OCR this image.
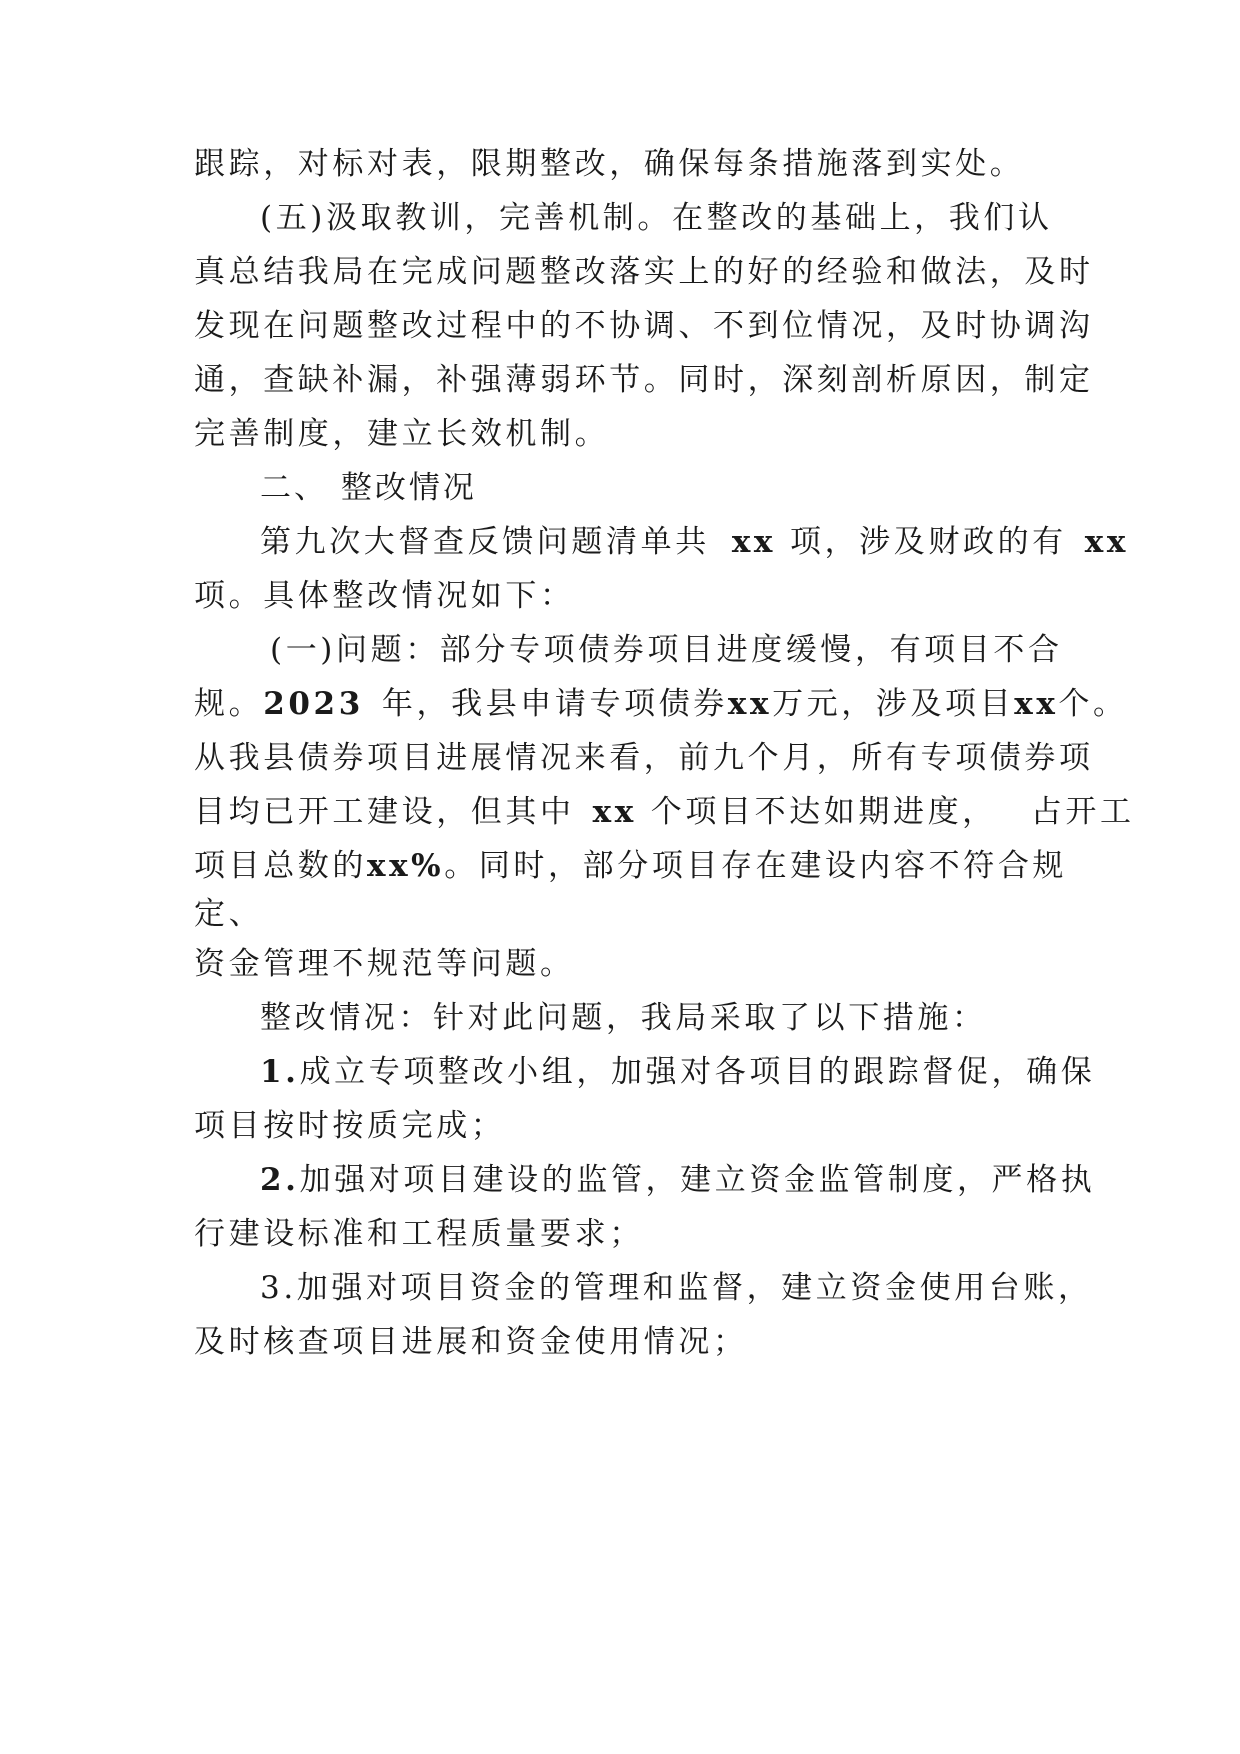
跟踪，对标对表，限期整改，确保每条措施落到实处。
(五)汲取教训，完善机制。在整改的基础上，我们认
真总结我局在完成问题整改落实上的好的经验和做法，及时
发现在问题整改过程中的不协调、不到位情况，及时协调沟
通，查缺补漏，补强薄弱环节。同时，深刻剖析原因，制定
完善制度，建立长效机制。
二、 整改情况
第九次大督查反馈问题清单共 xx 项，涉及财政的有 xx
项。具体整改情况如下：
(一)问题：部分专项债券项目进度缓慢，有项目不合
规。2023 年，我县申请专项债券xx万元，涉及项目xx个。
从我县债券项目进展情况来看，前九个月，所有专项债券项
目均已开工建设，但其中 xx 个项目不达如期进度， 占开工
项目总数的xx%。同时，部分项目存在建设内容不符合规
定、
资金管理不规范等问题。
整改情况：针对此问题，我局采取了以下措施：
1.成立专项整改小组，加强对各项目的跟踪督促，确保
项目按时按质完成；
2.加强对项目建设的监管，建立资金监管制度，严格执
行建设标准和工程质量要求；
3.加强对项目资金的管理和监督，建立资金使用台账，
及时核查项目进展和资金使用情况；
